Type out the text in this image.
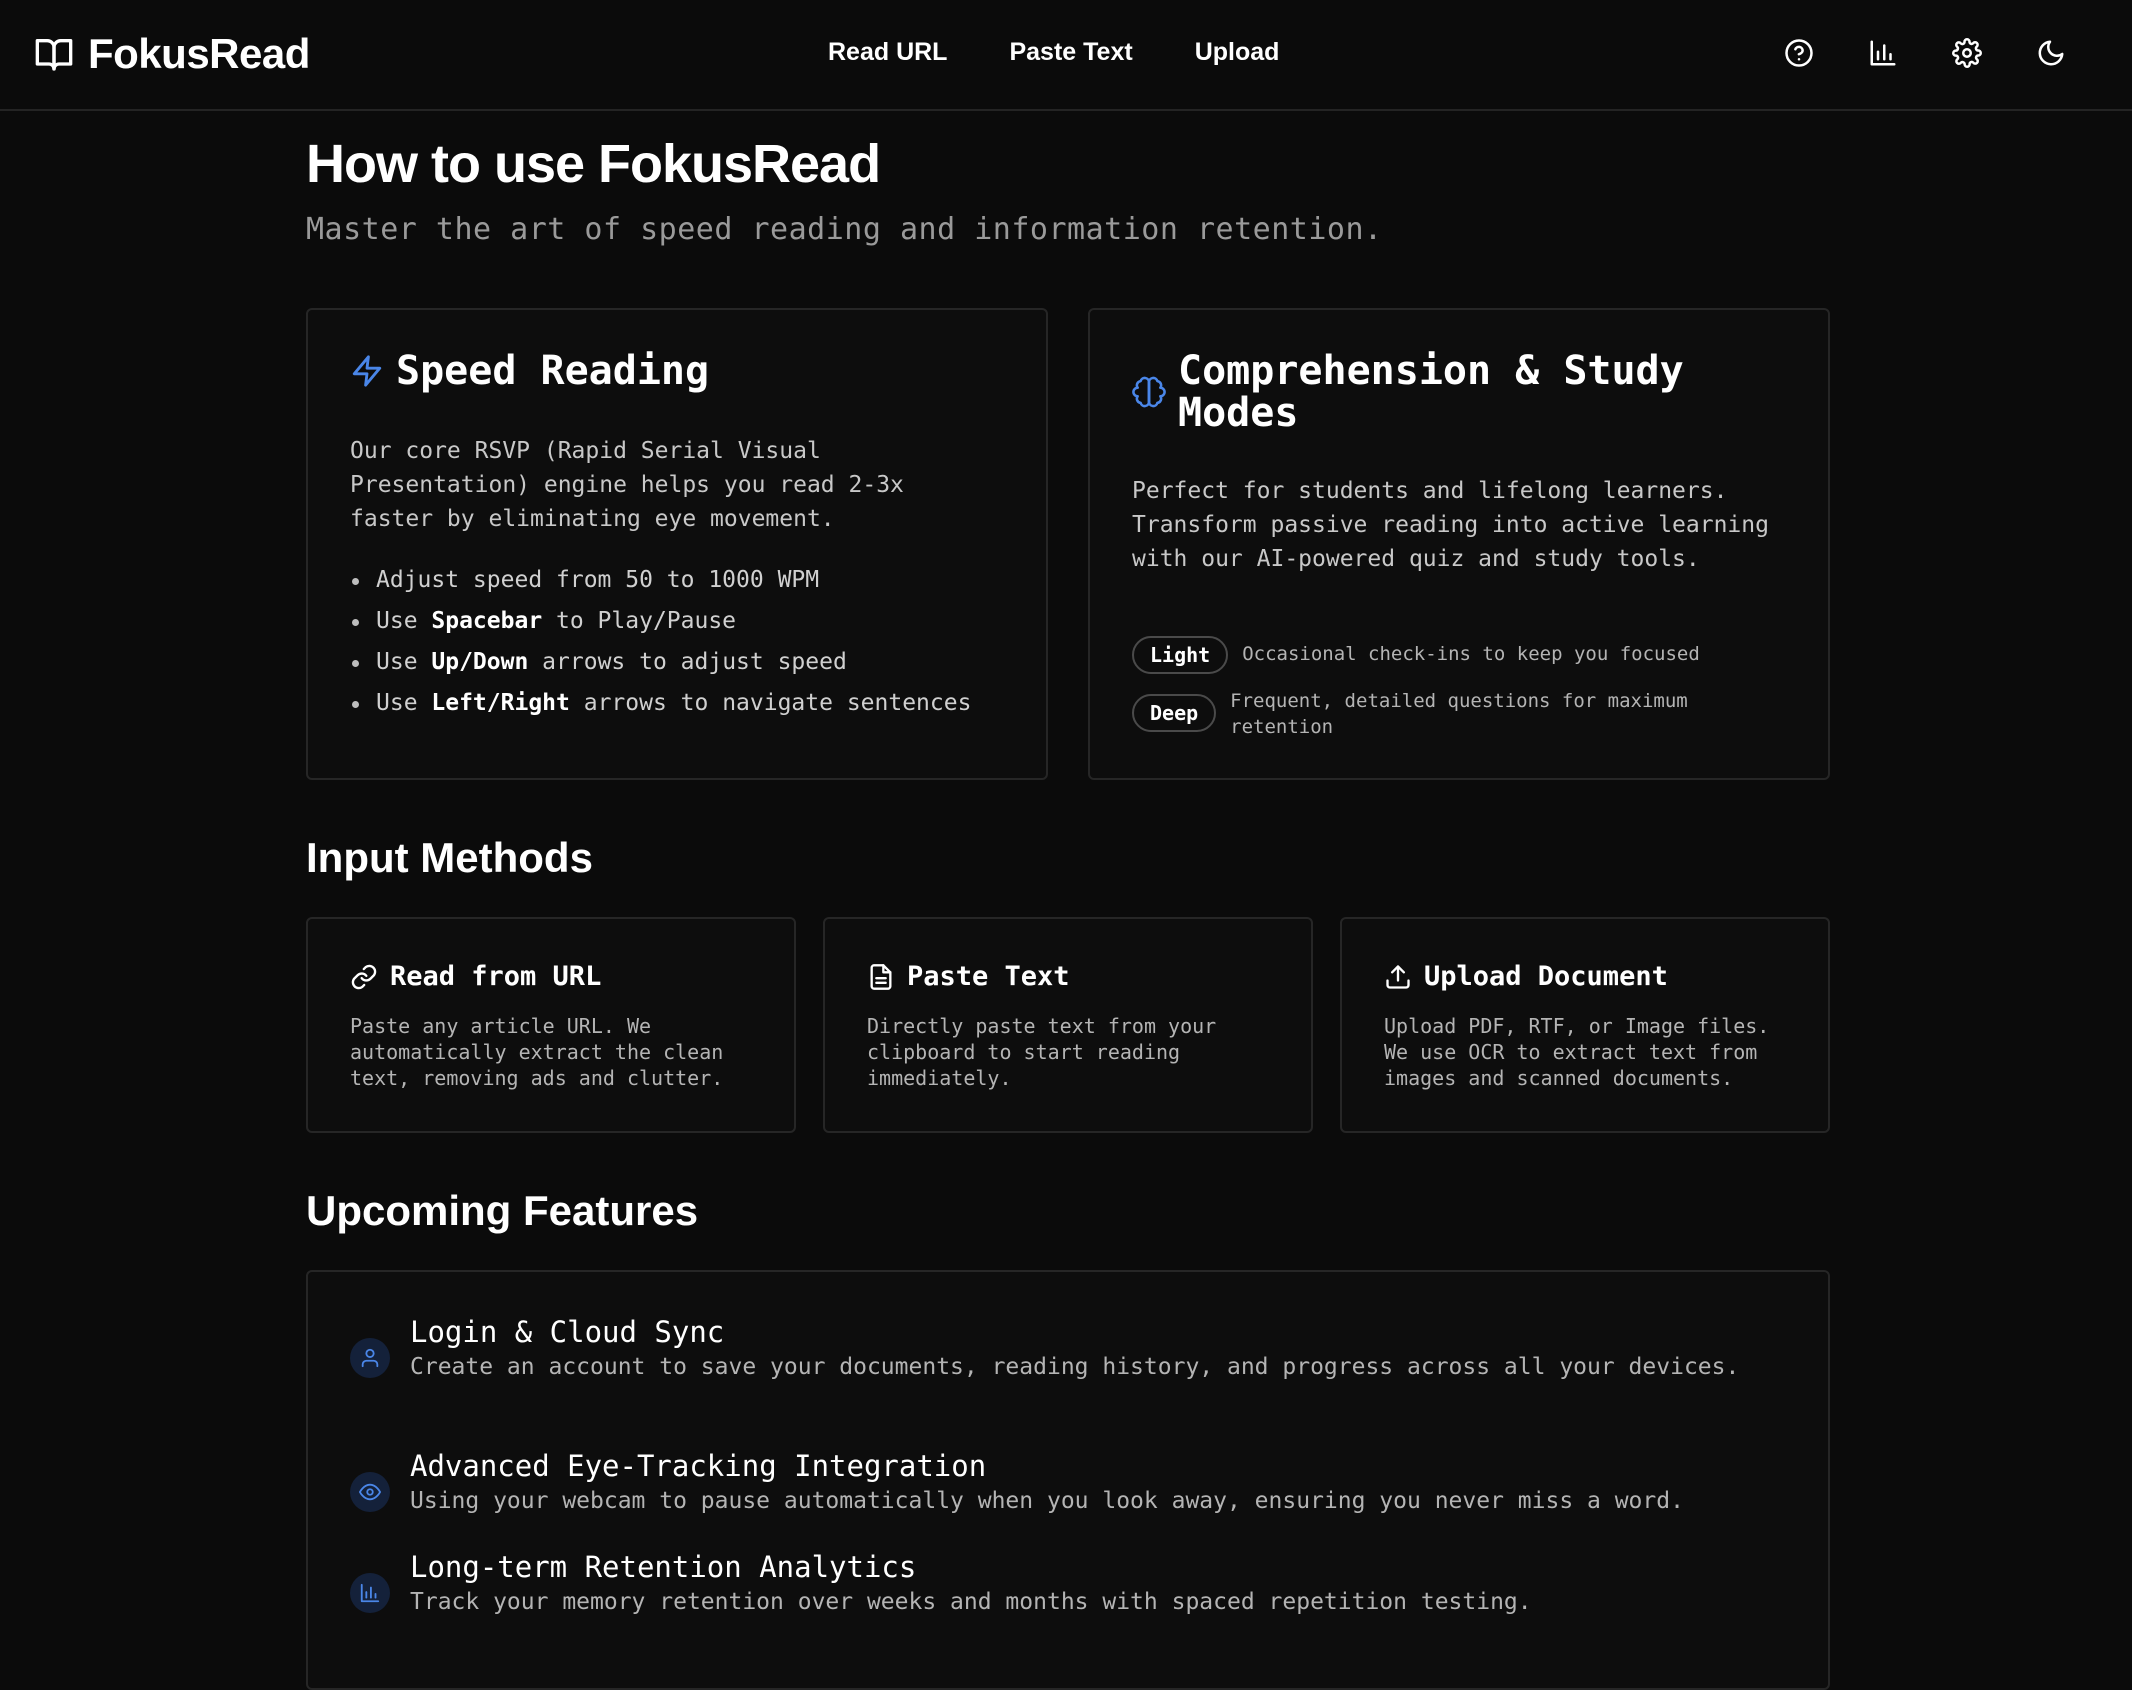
FokusRead	Read URL Paste Text Upload
How to use FokusRead
Master the art of speed reading and information retention.
Speed Reading
Our core RSVP (Rapid Serial Visual Presentation) engine helps you read 2-3x faster by eliminating eye movement.
Adjust speed from 50 to 1000 WPM
Use Spacebar to Play/Pause
Use Up/Down arrows to adjust speed
Use Left/Right arrows to navigate sentences
Comprehension & Study Modes
Perfect for students and lifelong learners. Transform passive reading into active learning with our AI-powered quiz and study tools.
Light	Occasional check-ins to keep you focused
Deep	Frequent, detailed questions for maximum retention
Input Methods
Read from URL
Paste any article URL. We automatically extract the clean text, removing ads and clutter.
Paste Text
Directly paste text from your clipboard to start reading immediately.
Upload Document
Upload PDF, RTF, or Image files. We use OCR to extract text from images and scanned documents.
Upcoming Features
Login & Cloud Sync
Create an account to save your documents, reading history, and progress across all your devices.
Advanced Eye-Tracking Integration
Using your webcam to pause automatically when you look away, ensuring you never miss a word.
Long-term Retention Analytics
Track your memory retention over weeks and months with spaced repetition testing.
